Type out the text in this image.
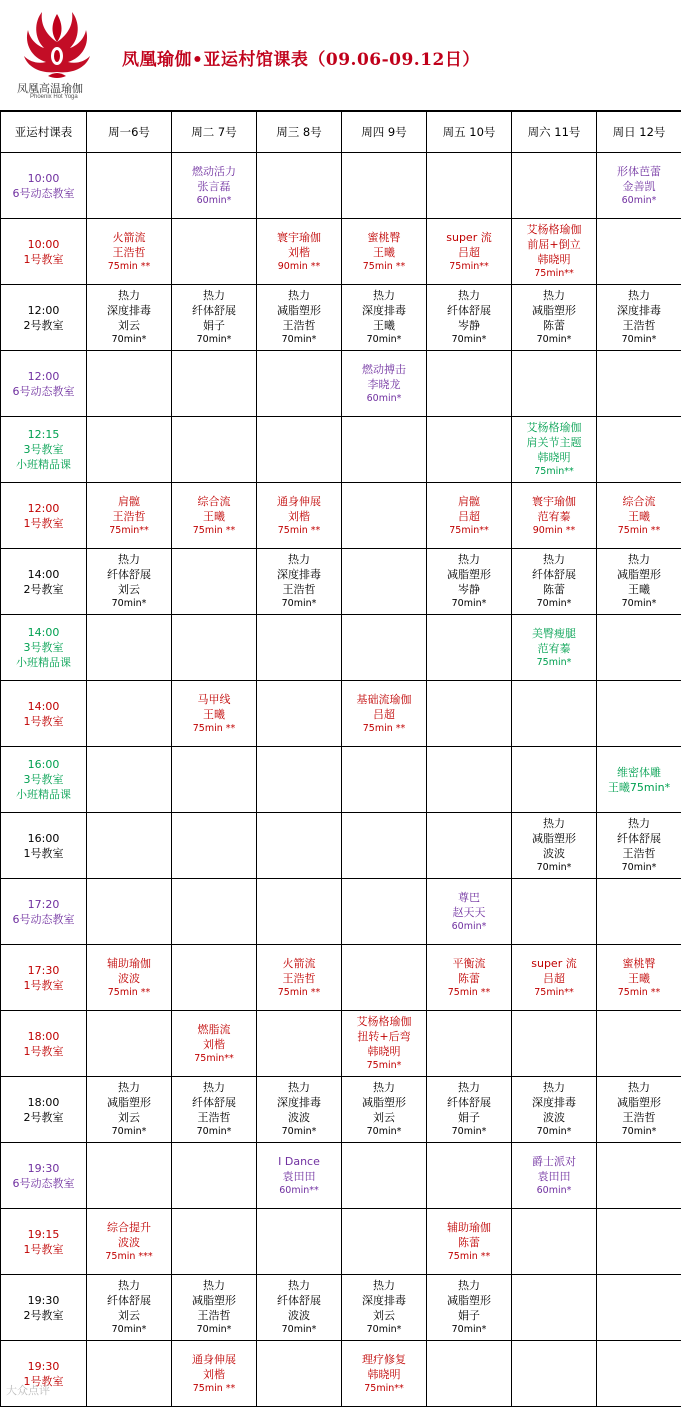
凤凰高温瑜伽
Phoenix Hot Yoga
凤凰瑜伽•亚运村馆课表（09.06-09.12日）
亚运村课表	周一6号	周二 7号	周三 8号	周四 9号	周五 10号	周六 11号	周日 12号

10:00
6号动态教室		燃动活力
张言磊
60min*					形体芭蕾
金善凯
60min*

10:00
1号教室	火箭流
王浩哲
75min **		寰宇瑜伽
刘楷
90min **	蜜桃臀
王曦
75min **	super 流
吕超
75min**	艾杨格瑜伽
前屈+倒立
韩晓明
75min**	

12:00
2号教室	热力
深度排毒
刘云
70min*	热力
纤体舒展
娟子
70min*	热力
减脂塑形
王浩哲
70min*	热力
深度排毒
王曦
70min*	热力
纤体舒展
岑静
70min*	热力
减脂塑形
陈蕾
70min*	热力
深度排毒
王浩哲
70min*

12:00
6号动态教室				燃动搏击
李晓龙
60min*			

12:15
3号教室
小班精品课						艾杨格瑜伽
肩关节主题
韩晓明
75min**	

12:00
1号教室	肩髋
王浩哲
75min**	综合流
王曦
75min **	通身伸展
刘楷
75min **		肩髋
吕超
75min**	寰宇瑜伽
范宥蓁
90min **	综合流
王曦
75min **

14:00
2号教室	热力
纤体舒展
刘云
70min*		热力
深度排毒
王浩哲
70min*		热力
减脂塑形
岑静
70min*	热力
纤体舒展
陈蕾
70min*	热力
减脂塑形
王曦
70min*

14:00
3号教室
小班精品课						美臀瘦腿
范宥蓁
75min*	

14:00
1号教室		马甲线
王曦
75min **		基础流瑜伽
吕超
75min **			

16:00
3号教室
小班精品课							维密体雕
王曦75min*

16:00
1号教室						热力
减脂塑形
波波
70min*	热力
纤体舒展
王浩哲
70min*

17:20
6号动态教室					尊巴
赵天天
60min*		

17:30
1号教室	辅助瑜伽
波波
75min **		火箭流
王浩哲
75min **		平衡流
陈蕾
75min **	super 流
吕超
75min**	蜜桃臀
王曦
75min **

18:00
1号教室		燃脂流
刘楷
75min**		艾杨格瑜伽
扭转+后弯
韩晓明
75min*			

18:00
2号教室	热力
减脂塑形
刘云
70min*	热力
纤体舒展
王浩哲
70min*	热力
深度排毒
波波
70min*	热力
减脂塑形
刘云
70min*	热力
纤体舒展
娟子
70min*	热力
深度排毒
波波
70min*	热力
减脂塑形
王浩哲
70min*

19:30
6号动态教室			I Dance
袁田田
60min**			爵士派对
袁田田
60min*	

19:15
1号教室	综合提升
波波
75min ***				辅助瑜伽
陈蕾
75min **		

19:30
2号教室	热力
纤体舒展
刘云
70min*	热力
减脂塑形
王浩哲
70min*	热力
纤体舒展
波波
70min*	热力
深度排毒
刘云
70min*	热力
减脂塑形
娟子
70min*		

19:30
1号教室		通身伸展
刘楷
75min **		理疗修复
韩晓明
75min**			

大众点评
